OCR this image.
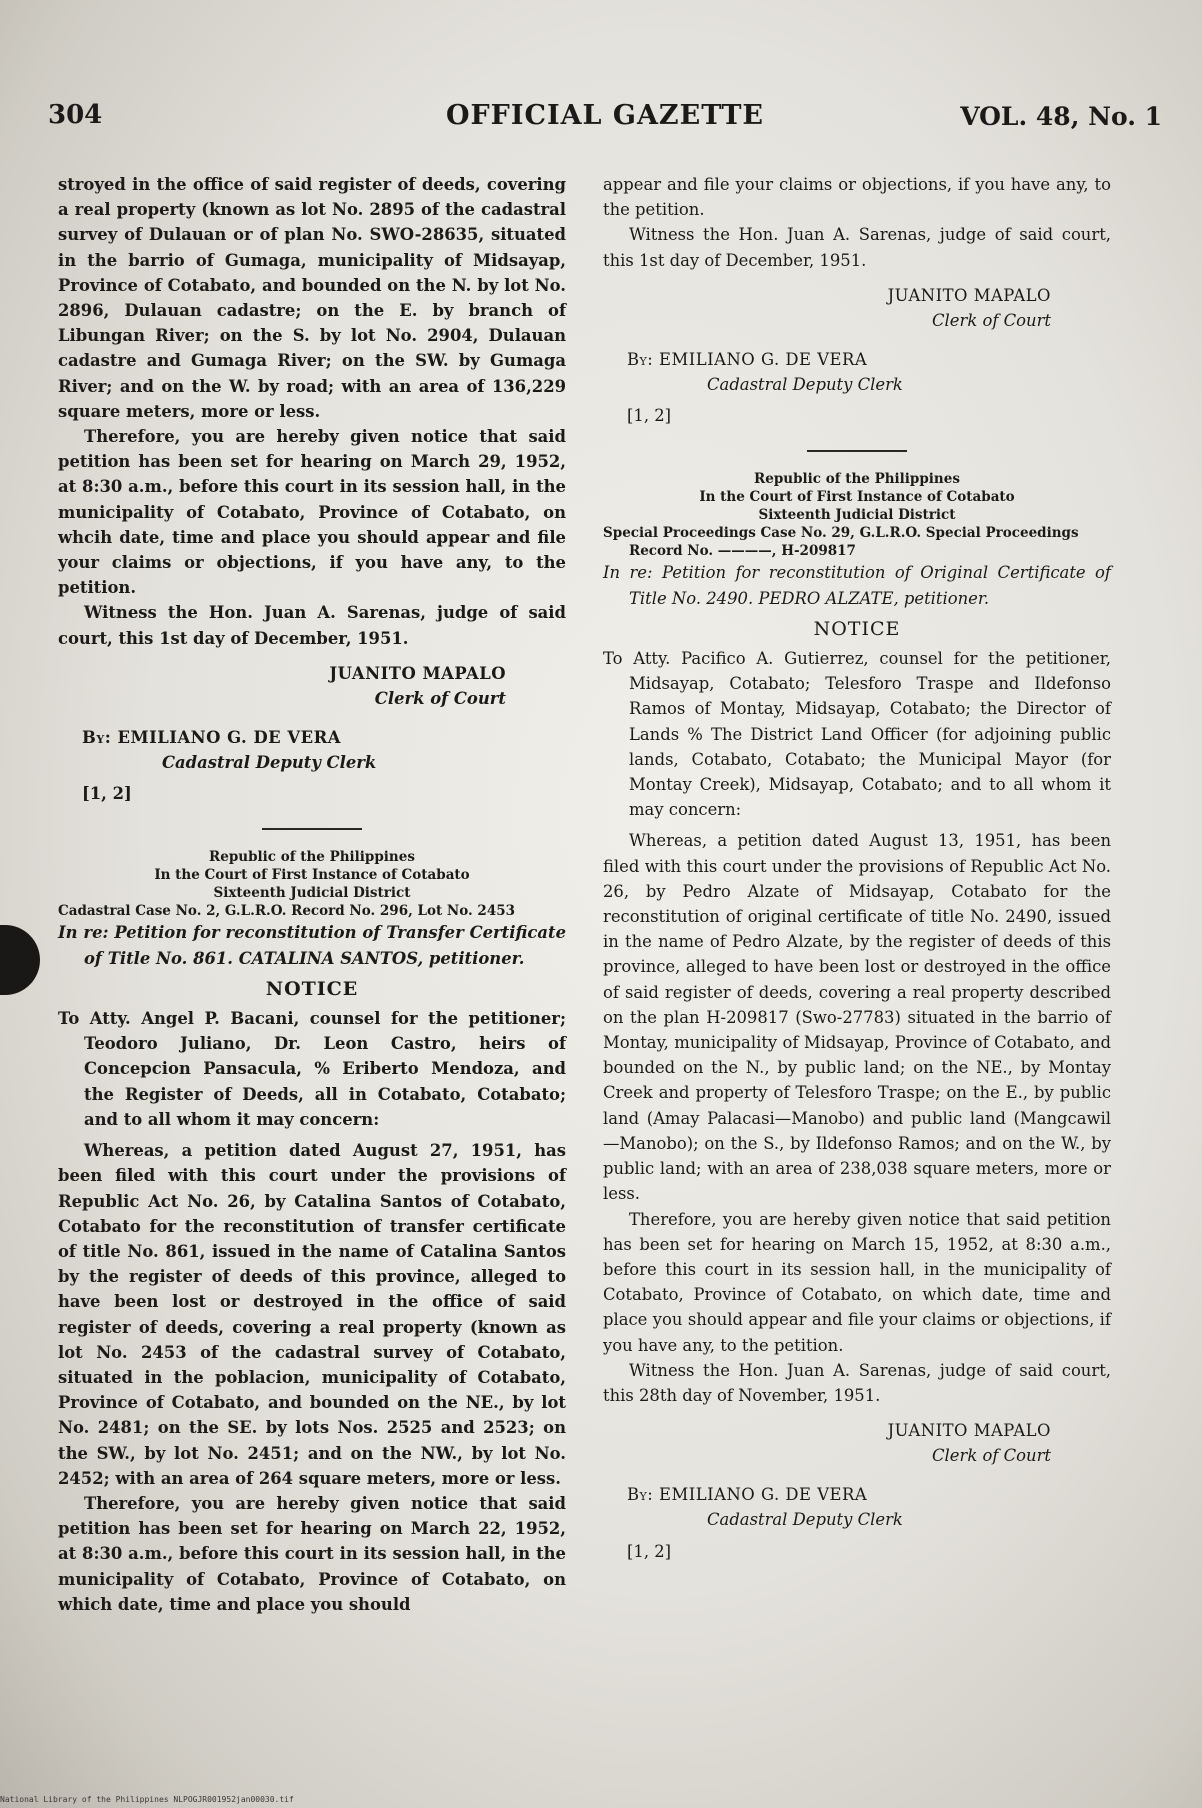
304	OFFICIAL GAZETTE	VOL. 48, No. 1

stroyed in the office of said register of deeds, covering a real property (known as lot No. 2895 of the cadastral survey of Dulauan or of plan No. SWO-28635, situated in the barrio of Gumaga, municipality of Midsayap, Province of Cotabato, and bounded on the N. by lot No. 2896, Dulauan cadastre; on the E. by branch of Libungan River; on the S. by lot No. 2904, Dulauan cadastre and Gumaga River; on the SW. by Gumaga River; and on the W. by road; with an area of 136,229 square meters, more or less.

Therefore, you are hereby given notice that said petition has been set for hearing on March 29, 1952, at 8:30 a.m., before this court in its session hall, in the municipality of Cotabato, Province of Cotabato, on whcih date, time and place you should appear and file your claims or objections, if you have any, to the petition.

Witness the Hon. Juan A. Sarenas, judge of said court, this 1st day of December, 1951.

JUANITO MAPALO
Clerk of Court
By: EMILIANO G. DE VERA
Cadastral Deputy Clerk
[1, 2]
Republic of the Philippines
In the Court of First Instance of Cotabato
Sixteenth Judicial District

Cadastral Case No. 2, G.L.R.O. Record No. 296, Lot No. 2453

In re: Petition for reconstitution of Transfer Certificate of Title No. 861. CATALINA SANTOS, petitioner.

NOTICE

To Atty. Angel P. Bacani, counsel for the petitioner; Teodoro Juliano, Dr. Leon Castro, heirs of Concepcion Pansacula, % Eriberto Mendoza, and the Register of Deeds, all in Cotabato, Cotabato; and to all whom it may concern:

Whereas, a petition dated August 27, 1951, has been filed with this court under the provisions of Republic Act No. 26, by Catalina Santos of Cotabato, Cotabato for the reconstitution of transfer certificate of title No. 861, issued in the name of Catalina Santos by the register of deeds of this province, alleged to have been lost or destroyed in the office of said register of deeds, covering a real property (known as lot No. 2453 of the cadastral survey of Cotabato, situated in the poblacion, municipality of Cotabato, Province of Cotabato, and bounded on the NE., by lot No. 2481; on the SE. by lots Nos. 2525 and 2523; on the SW., by lot No. 2451; and on the NW., by lot No. 2452; with an area of 264 square meters, more or less.

Therefore, you are hereby given notice that said petition has been set for hearing on March 22, 1952, at 8:30 a.m., before this court in its session hall, in the municipality of Cotabato, Province of Cotabato, on which date, time and place you should

appear and file your claims or objections, if you have any, to the petition.

Witness the Hon. Juan A. Sarenas, judge of said court, this 1st day of December, 1951.

JUANITO MAPALO
Clerk of Court
By: EMILIANO G. DE VERA
Cadastral Deputy Clerk
[1, 2]
Republic of the Philippines
In the Court of First Instance of Cotabato
Sixteenth Judicial District

Special Proceedings Case No. 29, G.L.R.O. Special Proceedings Record No. ————, H-209817

In re: Petition for reconstitution of Original Certificate of Title No. 2490. PEDRO ALZATE, petitioner.

NOTICE

To Atty. Pacifico A. Gutierrez, counsel for the petitioner, Midsayap, Cotabato; Telesforo Traspe and Ildefonso Ramos of Montay, Midsayap, Cotabato; the Director of Lands % The District Land Officer (for adjoining public lands, Cotabato, Cotabato; the Municipal Mayor (for Montay Creek), Midsayap, Cotabato; and to all whom it may concern:

Whereas, a petition dated August 13, 1951, has been filed with this court under the provisions of Republic Act No. 26, by Pedro Alzate of Midsayap, Cotabato for the reconstitution of original certificate of title No. 2490, issued in the name of Pedro Alzate, by the register of deeds of this province, alleged to have been lost or destroyed in the office of said register of deeds, covering a real property described on the plan H-209817 (Swo-27783) situated in the barrio of Montay, municipality of Midsayap, Province of Cotabato, and bounded on the N., by public land; on the NE., by Montay Creek and property of Telesforo Traspe; on the E., by public land (Amay Palacasi—Manobo) and public land (Mangcawil—Manobo); on the S., by Ildefonso Ramos; and on the W., by public land; with an area of 238,038 square meters, more or less.

Therefore, you are hereby given notice that said petition has been set for hearing on March 15, 1952, at 8:30 a.m., before this court in its session hall, in the municipality of Cotabato, Province of Cotabato, on which date, time and place you should appear and file your claims or objections, if you have any, to the petition.

Witness the Hon. Juan A. Sarenas, judge of said court, this 28th day of November, 1951.

JUANITO MAPALO
Clerk of Court
By: EMILIANO G. DE VERA
Cadastral Deputy Clerk
[1, 2]
National Library of the Philippines NLPOGJR001952jan00030.tif
